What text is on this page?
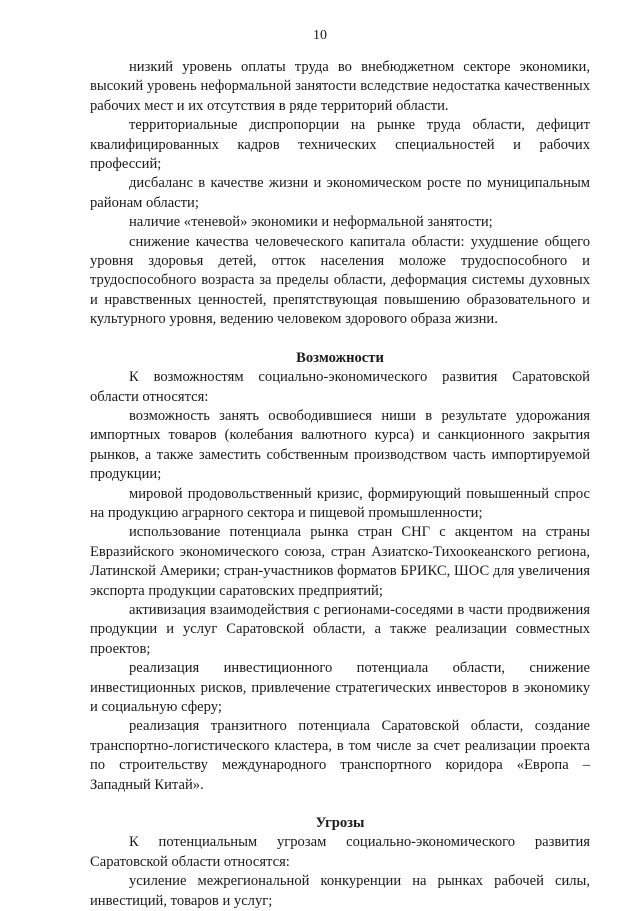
10

низкий уровень оплаты труда во внебюджетном секторе экономики, высокий уровень неформальной занятости вследствие недостатка качественных рабочих мест и их отсутствия в ряде территорий области.

территориальные диспропорции на рынке труда области, дефицит квалифицированных кадров технических специальностей и рабочих профессий;

дисбаланс в качестве жизни и экономическом росте по муниципальным районам области;

наличие «теневой» экономики и неформальной занятости;

снижение качества человеческого капитала области: ухудшение общего уровня здоровья детей, отток населения моложе трудоспособного и трудоспособного возраста за пределы области, деформация системы духовных и нравственных ценностей, препятствующая повышению образовательного и культурного уровня, ведению человеком здорового образа жизни.

Возможности

К возможностям социально-экономического развития Саратовской области относятся:

возможность занять освободившиеся ниши в результате удорожания импортных товаров (колебания валютного курса) и санкционного закрытия рынков, а также заместить собственным производством часть импортируемой продукции;

мировой продовольственный кризис, формирующий повышенный спрос на продукцию аграрного сектора и пищевой промышленности;

использование потенциала рынка стран СНГ с акцентом на страны Евразийского экономического союза, стран Азиатско-Тихоокеанского региона, Латинской Америки; стран-участников форматов БРИКС, ШОС для увеличения экспорта продукции саратовских предприятий;

активизация взаимодействия с регионами-соседями в части продвижения продукции и услуг Саратовской области, а также реализации совместных проектов;

реализация инвестиционного потенциала области, снижение инвестиционных рисков, привлечение стратегических инвесторов в экономику и социальную сферу;

реализация транзитного потенциала Саратовской области, создание транспортно-логистического кластера, в том числе за счет реализации проекта по строительству международного транспортного коридора «Европа – Западный Китай».

Угрозы

К потенциальным угрозам социально-экономического развития Саратовской области относятся:

усиление межрегиональной конкуренции на рынках рабочей силы, инвестиций, товаров и услуг;
